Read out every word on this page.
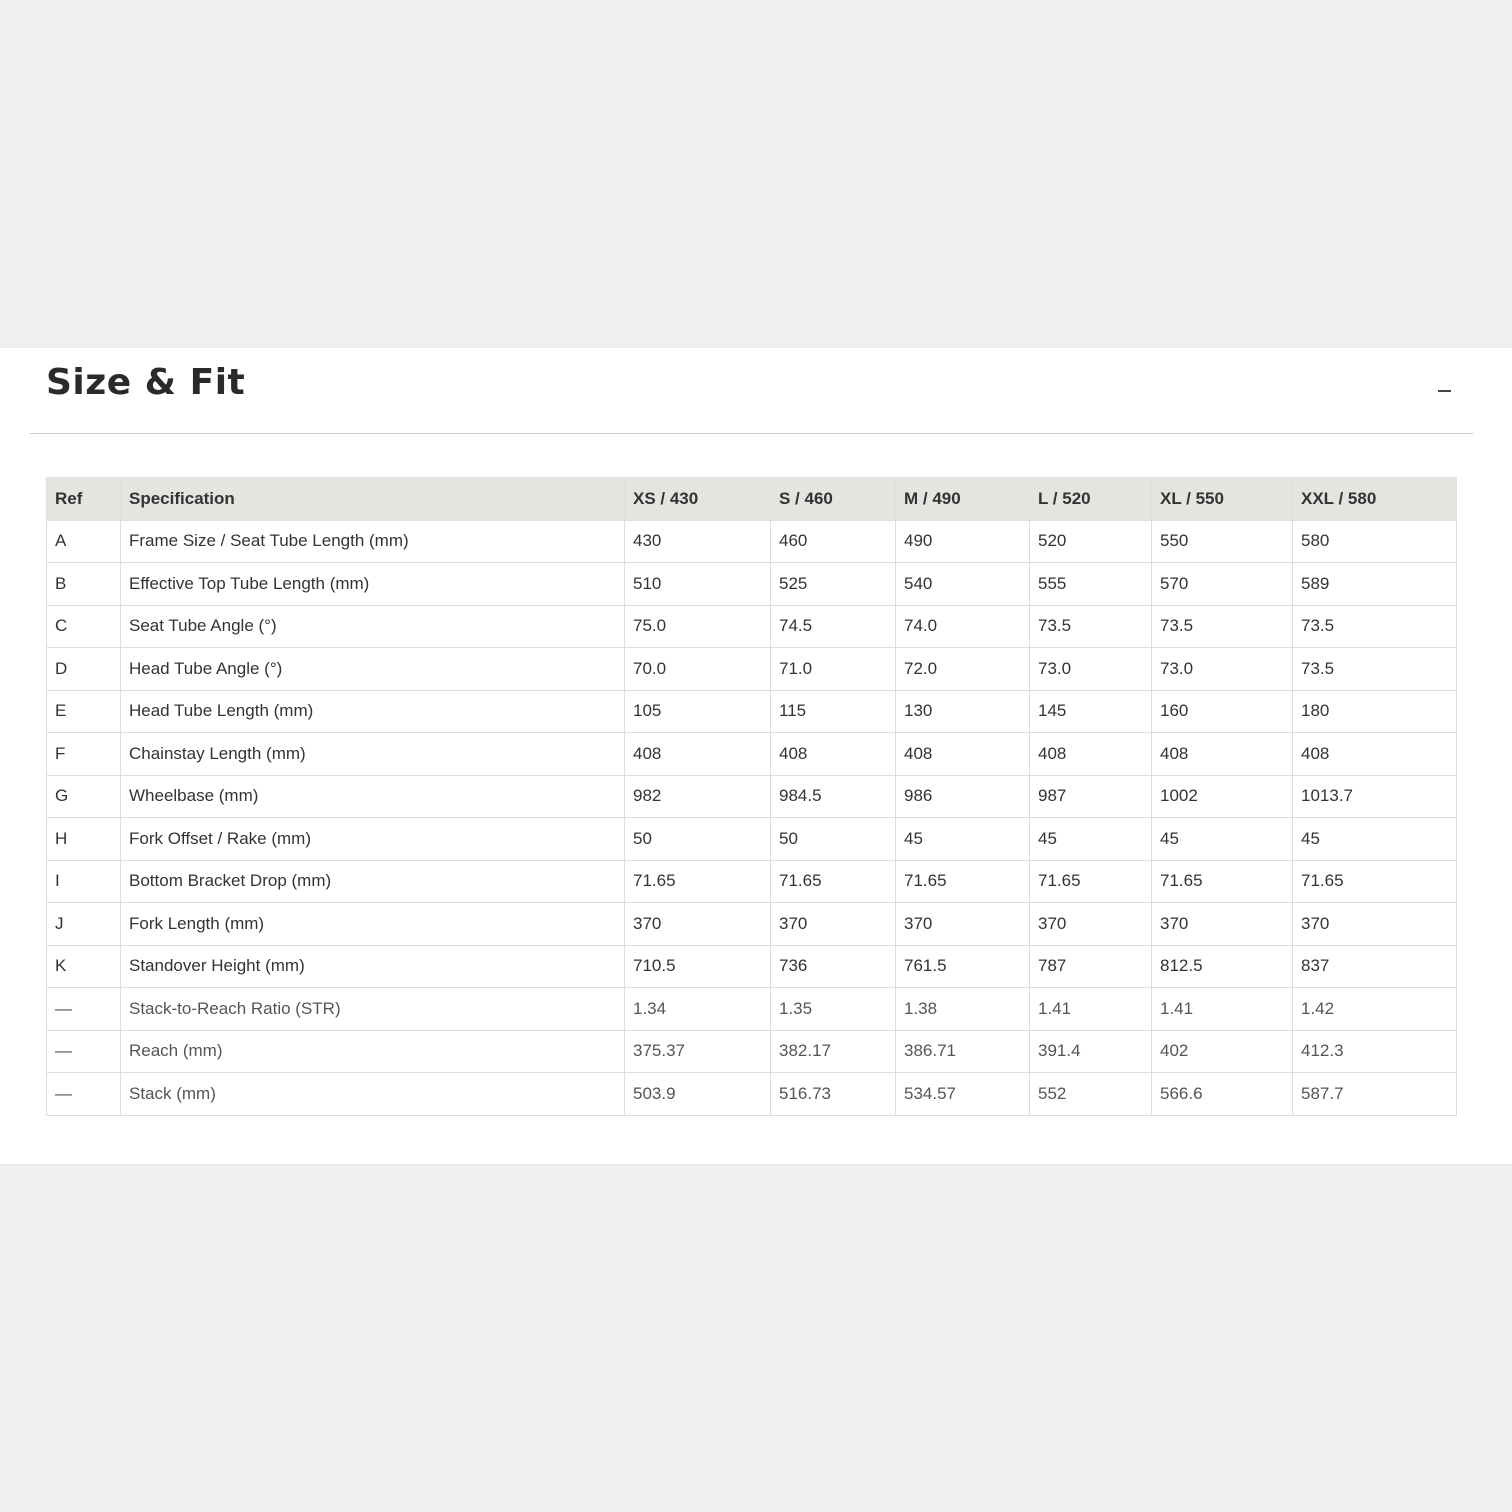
Size & Fit
Ref	Specification	XS / 430	S / 460	M / 490	L / 520	XL / 550	XXL / 580
A	Frame Size / Seat Tube Length (mm)	430	460	490	520	550	580
B	Effective Top Tube Length (mm)	510	525	540	555	570	589
C	Seat Tube Angle (°)	75.0	74.5	74.0	73.5	73.5	73.5
D	Head Tube Angle (°)	70.0	71.0	72.0	73.0	73.0	73.5
E	Head Tube Length (mm)	105	115	130	145	160	180
F	Chainstay Length (mm)	408	408	408	408	408	408
G	Wheelbase (mm)	982	984.5	986	987	1002	1013.7
H	Fork Offset / Rake (mm)	50	50	45	45	45	45
I	Bottom Bracket Drop (mm)	71.65	71.65	71.65	71.65	71.65	71.65
J	Fork Length (mm)	370	370	370	370	370	370
K	Standover Height (mm)	710.5	736	761.5	787	812.5	837
—	Stack-to-Reach Ratio (STR)	1.34	1.35	1.38	1.41	1.41	1.42
—	Reach (mm)	375.37	382.17	386.71	391.4	402	412.3
—	Stack (mm)	503.9	516.73	534.57	552	566.6	587.7
